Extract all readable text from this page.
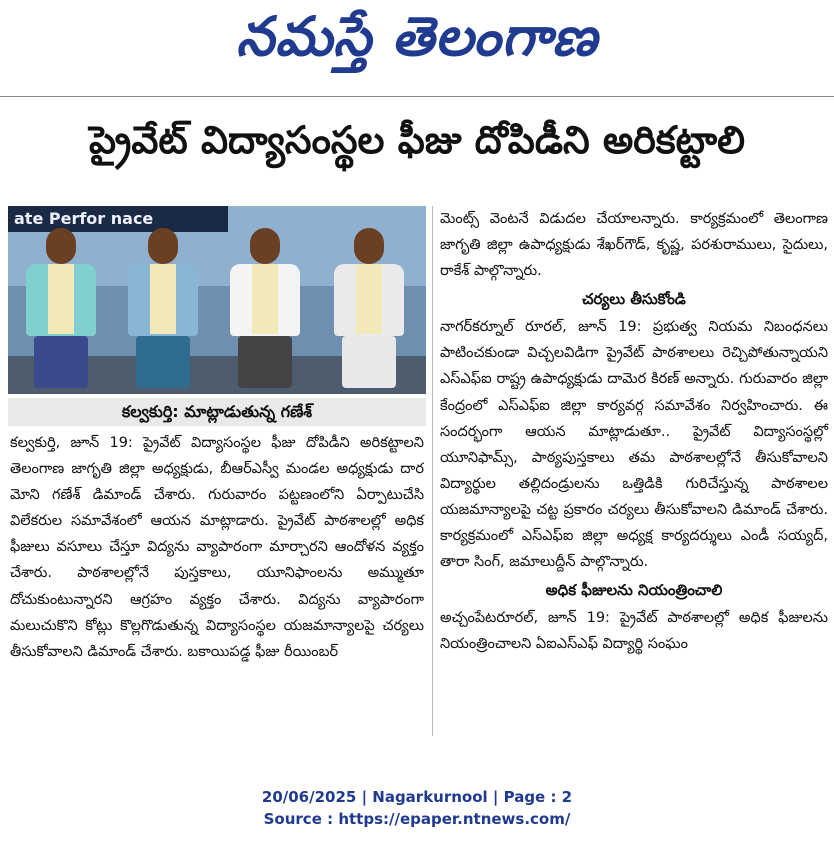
నమస్తే తెలంగాణ
ప్రైవేట్ విద్యాసంస్థల ఫీజు దోపిడీని అరికట్టాలి
ate Perfor nace
కల్వకుర్తి: మాట్లాడుతున్న గణేశ్

కల్వకుర్తి, జూన్ 19: ప్రైవేట్ విద్యాసంస్థల ఫీజు దోపిడీని అరికట్టాలని తెలంగాణ జాగృతి జిల్లా అధ్యక్షుడు, బీఆర్ఎస్వీ మండల అధ్యక్షుడు దార మోని గణేశ్ డిమాండ్ చేశారు. గురువారం పట్టణంలోని ఏర్పాటుచేసి విలేకరుల సమావేశంలో ఆయన మాట్లాడారు. ప్రైవేట్ పాఠశాలల్లో అధిక ఫీజులు వసూలు చేస్తూ విద్యను వ్యాపారంగా మార్చారని ఆందోళన వ్యక్తం చేశారు. పాఠశాలల్లోనే పుస్తకాలు, యూనిఫాంలను అమ్ముతూ దోచుకుంటున్నారని ఆగ్రహం వ్యక్తం చేశారు. విద్యను వ్యాపారంగా మలుచుకొని కోట్లు కొల్లగొడుతున్న విద్యాసంస్థల యజమాన్యాలపై చర్యలు తీసుకోవాలని డిమాండ్ చేశారు. బకాయిపడ్డ ఫీజు రీయింబర్

మెంట్స్ వెంటనే విడుదల చేయాలన్నారు. కార్యక్రమంలో తెలంగాణ జాగృతి జిల్లా ఉపాధ్యక్షుడు శేఖర్‌గౌడ్, కృష్ణ, పరశురాములు, సైదులు, రాకేశ్ పాల్గొన్నారు.

చర్యలు తీసుకోండి

నాగర్‌కర్నూల్ రూరల్, జూన్ 19: ప్రభుత్వ నియమ నిబంధనలు పాటించకుండా విచ్చలవిడిగా ప్రైవేట్ పాఠశాలలు రెచ్చిపోతున్నాయని ఎస్‌ఎఫ్‌ఐ రాష్ట్ర ఉపాధ్యక్షుడు దామెర కిరణ్ అన్నారు. గురువారం జిల్లా కేంద్రంలో ఎస్‌ఎఫ్‌ఐ జిల్లా కార్యవర్గ సమావేశం నిర్వహించారు. ఈ సందర్భంగా ఆయన మాట్లాడుతూ.. ప్రైవేట్ విద్యాసంస్థల్లో యూనిఫామ్స్, పాఠ్యపుస్తకాలు తమ పాఠశాలల్లోనే తీసుకోవాలని విద్యార్థుల తల్లిదండ్రులను ఒత్తిడికి గురిచేస్తున్న పాఠశాలల యజమాన్యాలపై చట్ట ప్రకారం చర్యలు తీసుకోవాలని డిమాండ్ చేశారు. కార్యక్రమంలో ఎస్‌ఎఫ్‌ఐ జిల్లా అధ్యక్ష కార్యదర్శులు ఎండీ సయ్యద్, తారా సింగ్, జమాలుద్దీన్ పాల్గొన్నారు.

అధిక ఫీజులను నియంత్రించాలి

అచ్చంపేటరూరల్, జూన్ 19: ప్రైవేట్ పాఠశాలల్లో అధిక ఫీజులను నియంత్రించాలని ఏఐఎస్‌ఎఫ్ విద్యార్థి సంఘం

20/06/2025 | Nagarkurnool | Page : 2
Source : https://epaper.ntnews.com/
